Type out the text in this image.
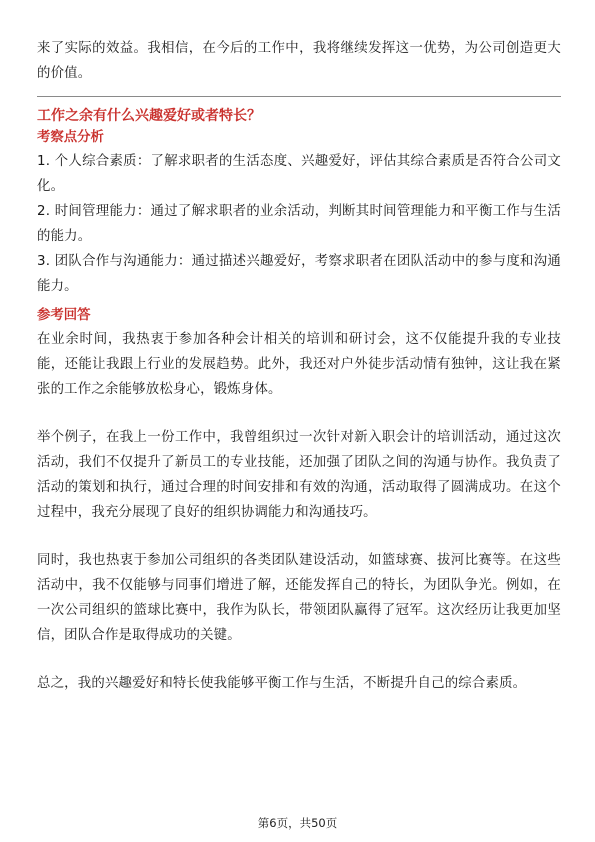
来了实际的效益。我相信，在今后的工作中，我将继续发挥这一优势，为公司创造更大的价值。

工作之余有什么兴趣爱好或者特长？

考察点分析

1. 个人综合素质：了解求职者的生活态度、兴趣爱好，评估其综合素质是否符合公司文化。

2. 时间管理能力：通过了解求职者的业余活动，判断其时间管理能力和平衡工作与生活的能力。

3. 团队合作与沟通能力：通过描述兴趣爱好，考察求职者在团队活动中的参与度和沟通能力。

参考回答

在业余时间，我热衷于参加各种会计相关的培训和研讨会，这不仅能提升我的专业技能，还能让我跟上行业的发展趋势。此外，我还对户外徒步活动情有独钟，这让我在紧张的工作之余能够放松身心，锻炼身体。

举个例子，在我上一份工作中，我曾组织过一次针对新入职会计的培训活动，通过这次活动，我们不仅提升了新员工的专业技能，还加强了团队之间的沟通与协作。我负责了活动的策划和执行，通过合理的时间安排和有效的沟通，活动取得了圆满成功。在这个过程中，我充分展现了良好的组织协调能力和沟通技巧。

同时，我也热衷于参加公司组织的各类团队建设活动，如篮球赛、拔河比赛等。在这些活动中，我不仅能够与同事们增进了解，还能发挥自己的特长，为团队争光。例如，在一次公司组织的篮球比赛中，我作为队长，带领团队赢得了冠军。这次经历让我更加坚信，团队合作是取得成功的关键。

总之，我的兴趣爱好和特长使我能够平衡工作与生活，不断提升自己的综合素质。

第6页，共50页
